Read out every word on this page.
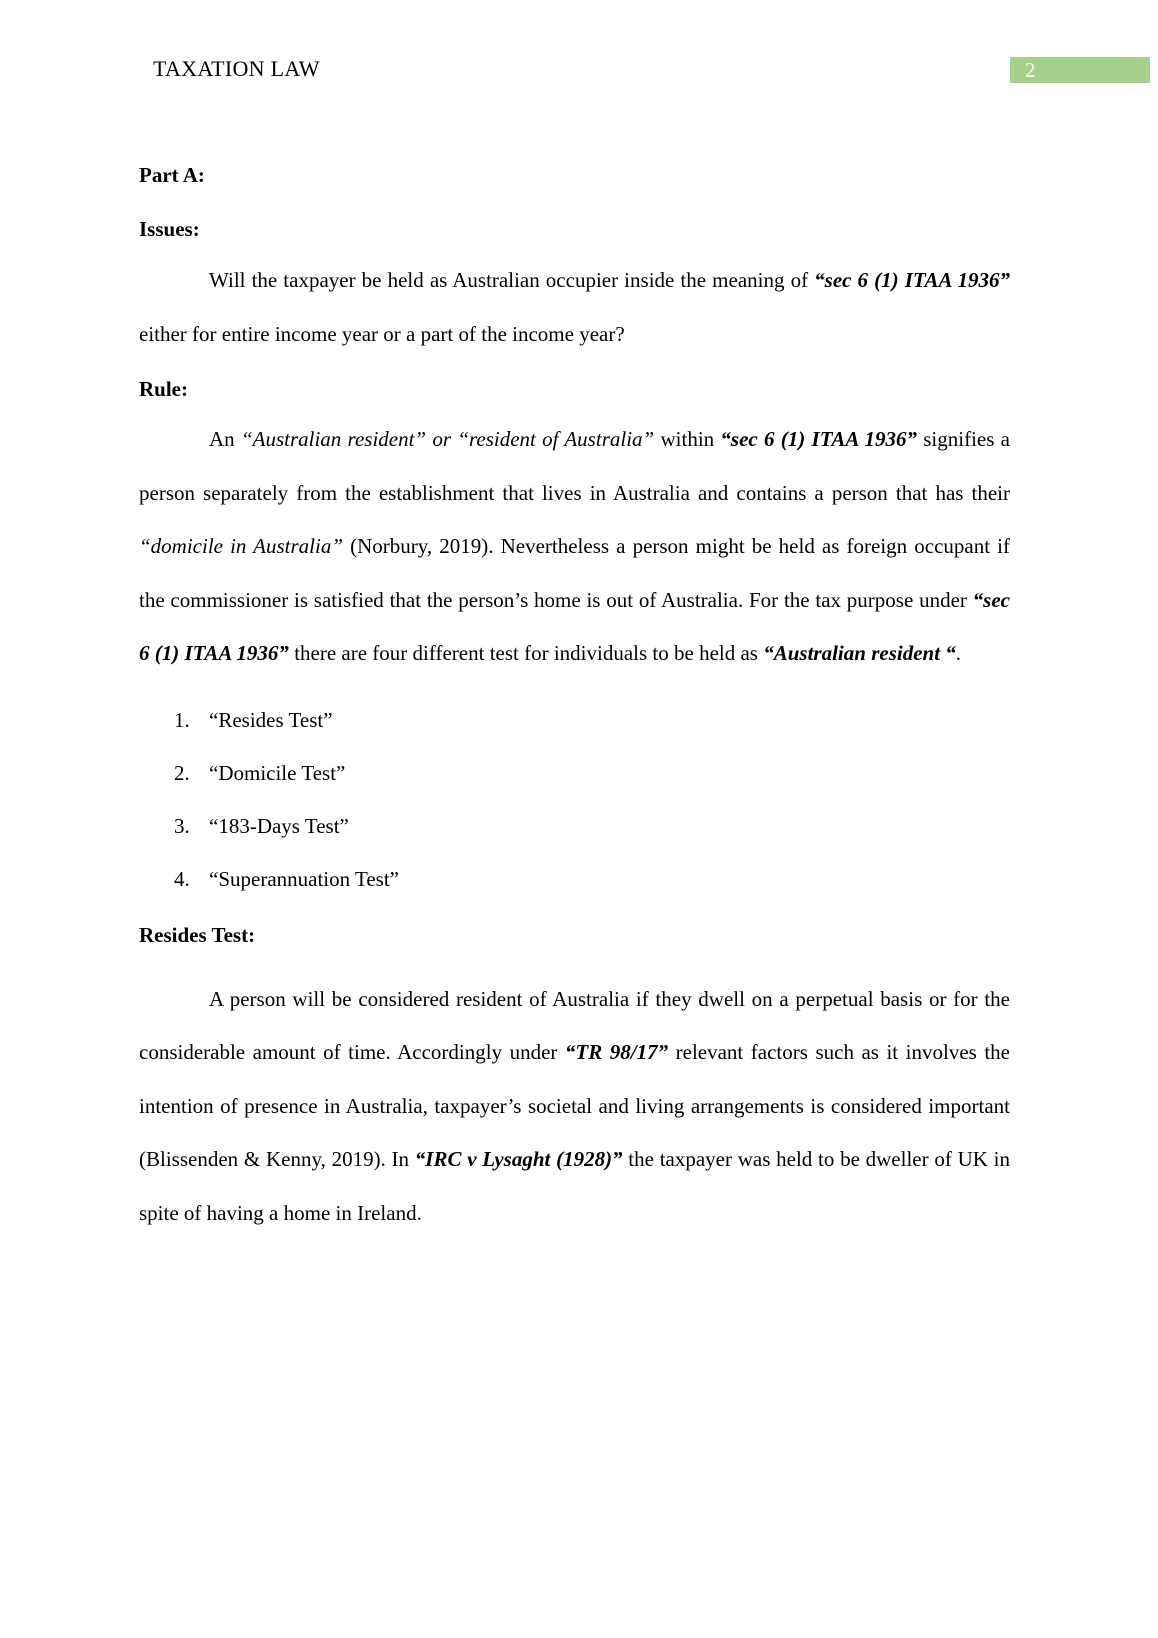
TAXATION LAW	2

Part A:

Issues:

Will the taxpayer be held as Australian occupier inside the meaning of “sec 6 (1) ITAA 1936” either for entire income year or a part of the income year?

Rule:

An “Australian resident” or “resident of Australia” within “sec 6 (1) ITAA 1936” signifies a person separately from the establishment that lives in Australia and contains a person that has their “domicile in Australia” (Norbury, 2019). Nevertheless a person might be held as foreign occupant if the commissioner is satisfied that the person’s home is out of Australia. For the tax purpose under “sec 6 (1) ITAA 1936” there are four different test for individuals to be held as “Australian resident “.

1. “Resides Test”
2. “Domicile Test”
3. “183-Days Test”
4. “Superannuation Test”

Resides Test:

A person will be considered resident of Australia if they dwell on a perpetual basis or for the considerable amount of time. Accordingly under “TR 98/17” relevant factors such as it involves the intention of presence in Australia, taxpayer’s societal and living arrangements is considered important (Blissenden & Kenny, 2019). In “IRC v Lysaght (1928)” the taxpayer was held to be dweller of UK in spite of having a home in Ireland.
